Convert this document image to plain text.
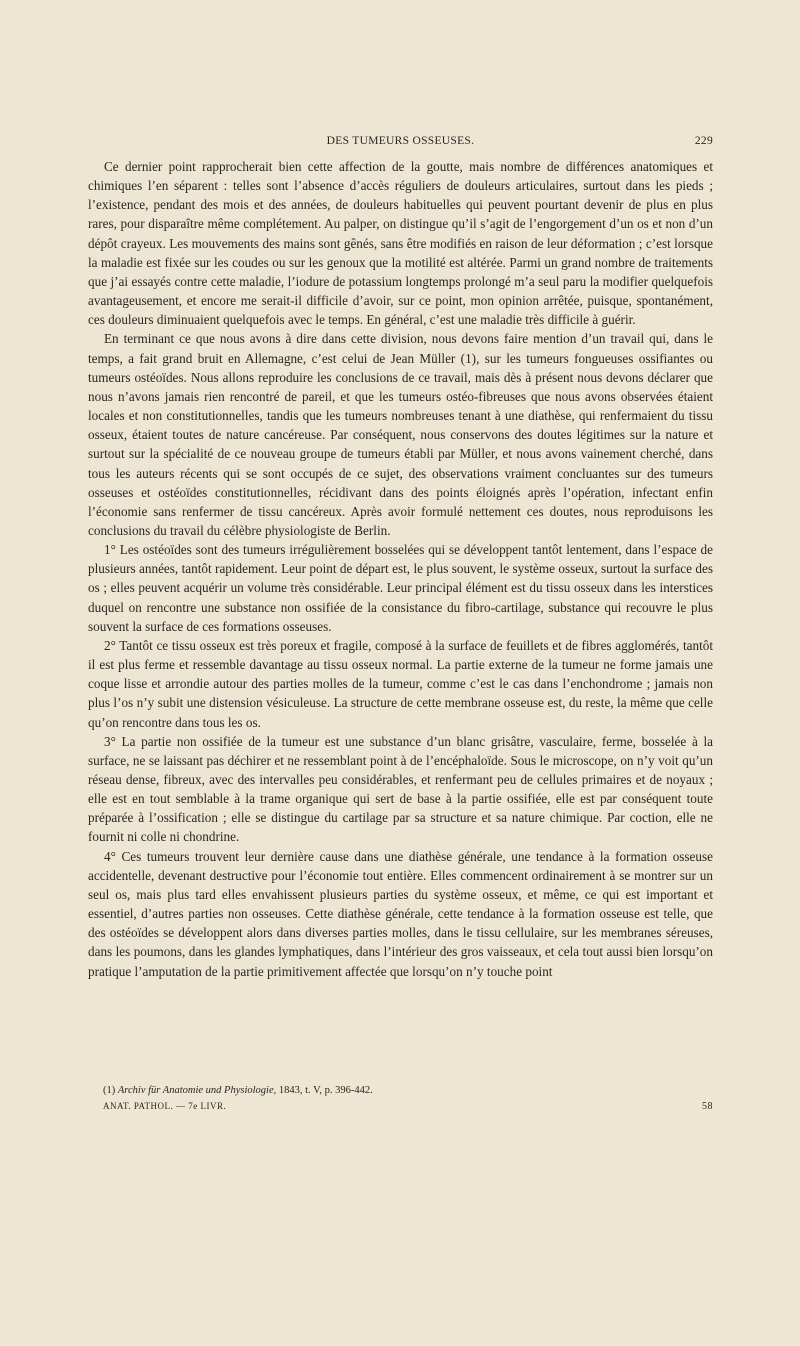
DES TUMEURS OSSEUSES.	229

Ce dernier point rapprocherait bien cette affection de la goutte, mais nombre de différences anatomiques et chimiques l’en séparent : telles sont l’absence d’accès réguliers de douleurs articulaires, surtout dans les pieds ; l’existence, pendant des mois et des années, de douleurs habituelles qui peuvent pourtant devenir de plus en plus rares, pour disparaître même complétement. Au palper, on distingue qu’il s’agit de l’engorgement d’un os et non d’un dépôt crayeux. Les mouvements des mains sont gênés, sans être modifiés en raison de leur déformation ; c’est lorsque la maladie est fixée sur les coudes ou sur les genoux que la motilité est altérée. Parmi un grand nombre de traitements que j’ai essayés contre cette maladie, l’iodure de potassium longtemps prolongé m’a seul paru la modifier quelquefois avantageusement, et encore me serait-il difficile d’avoir, sur ce point, mon opinion arrêtée, puisque, spontanément, ces douleurs diminuaient quelquefois avec le temps. En général, c’est une maladie très difficile à guérir.

En terminant ce que nous avons à dire dans cette division, nous devons faire mention d’un travail qui, dans le temps, a fait grand bruit en Allemagne, c’est celui de Jean Müller (1), sur les tumeurs fongueuses ossifiantes ou tumeurs ostéoïdes. Nous allons reproduire les conclusions de ce travail, mais dès à présent nous devons déclarer que nous n’avons jamais rien rencontré de pareil, et que les tumeurs ostéo-fibreuses que nous avons observées étaient locales et non constitutionnelles, tandis que les tumeurs nombreuses tenant à une diathèse, qui renfermaient du tissu osseux, étaient toutes de nature cancéreuse. Par conséquent, nous conservons des doutes légitimes sur la nature et surtout sur la spécialité de ce nouveau groupe de tumeurs établi par Müller, et nous avons vainement cherché, dans tous les auteurs récents qui se sont occupés de ce sujet, des observations vraiment concluantes sur des tumeurs osseuses et ostéoïdes constitutionnelles, récidivant dans des points éloignés après l’opération, infectant enfin l’économie sans renfermer de tissu cancéreux. Après avoir formulé nettement ces doutes, nous reproduisons les conclusions du travail du célèbre physiologiste de Berlin.

1° Les ostéoïdes sont des tumeurs irrégulièrement bosselées qui se développent tantôt lentement, dans l’espace de plusieurs années, tantôt rapidement. Leur point de départ est, le plus souvent, le système osseux, surtout la surface des os ; elles peuvent acquérir un volume très considérable. Leur principal élément est du tissu osseux dans les interstices duquel on rencontre une substance non ossifiée de la consistance du fibro-cartilage, substance qui recouvre le plus souvent la surface de ces formations osseuses.

2° Tantôt ce tissu osseux est très poreux et fragile, composé à la surface de feuillets et de fibres agglomérés, tantôt il est plus ferme et ressemble davantage au tissu osseux normal. La partie externe de la tumeur ne forme jamais une coque lisse et arrondie autour des parties molles de la tumeur, comme c’est le cas dans l’enchondrome ; jamais non plus l’os n’y subit une distension vésiculeuse. La structure de cette membrane osseuse est, du reste, la même que celle qu’on rencontre dans tous les os.

3° La partie non ossifiée de la tumeur est une substance d’un blanc grisâtre, vasculaire, ferme, bosselée à la surface, ne se laissant pas déchirer et ne ressemblant point à de l’encéphaloïde. Sous le microscope, on n’y voit qu’un réseau dense, fibreux, avec des intervalles peu considérables, et renfermant peu de cellules primaires et de noyaux ; elle est en tout semblable à la trame organique qui sert de base à la partie ossifiée, elle est par conséquent toute préparée à l’ossification ; elle se distingue du cartilage par sa structure et sa nature chimique. Par coction, elle ne fournit ni colle ni chondrine.

4° Ces tumeurs trouvent leur dernière cause dans une diathèse générale, une tendance à la formation osseuse accidentelle, devenant destructive pour l’économie tout entière. Elles commencent ordinairement à se montrer sur un seul os, mais plus tard elles envahissent plusieurs parties du système osseux, et même, ce qui est important et essentiel, d’autres parties non osseuses. Cette diathèse générale, cette tendance à la formation osseuse est telle, que des ostéoïdes se développent alors dans diverses parties molles, dans le tissu cellulaire, sur les membranes séreuses, dans les poumons, dans les glandes lymphatiques, dans l’intérieur des gros vaisseaux, et cela tout aussi bien lorsqu’on pratique l’amputation de la partie primitivement affectée que lorsqu’on n’y touche point

(1) Archiv für Anatomie und Physiologie, 1843, t. V, p. 396-442.
ANAT. PATHOL. — 7e LIVR.	58
